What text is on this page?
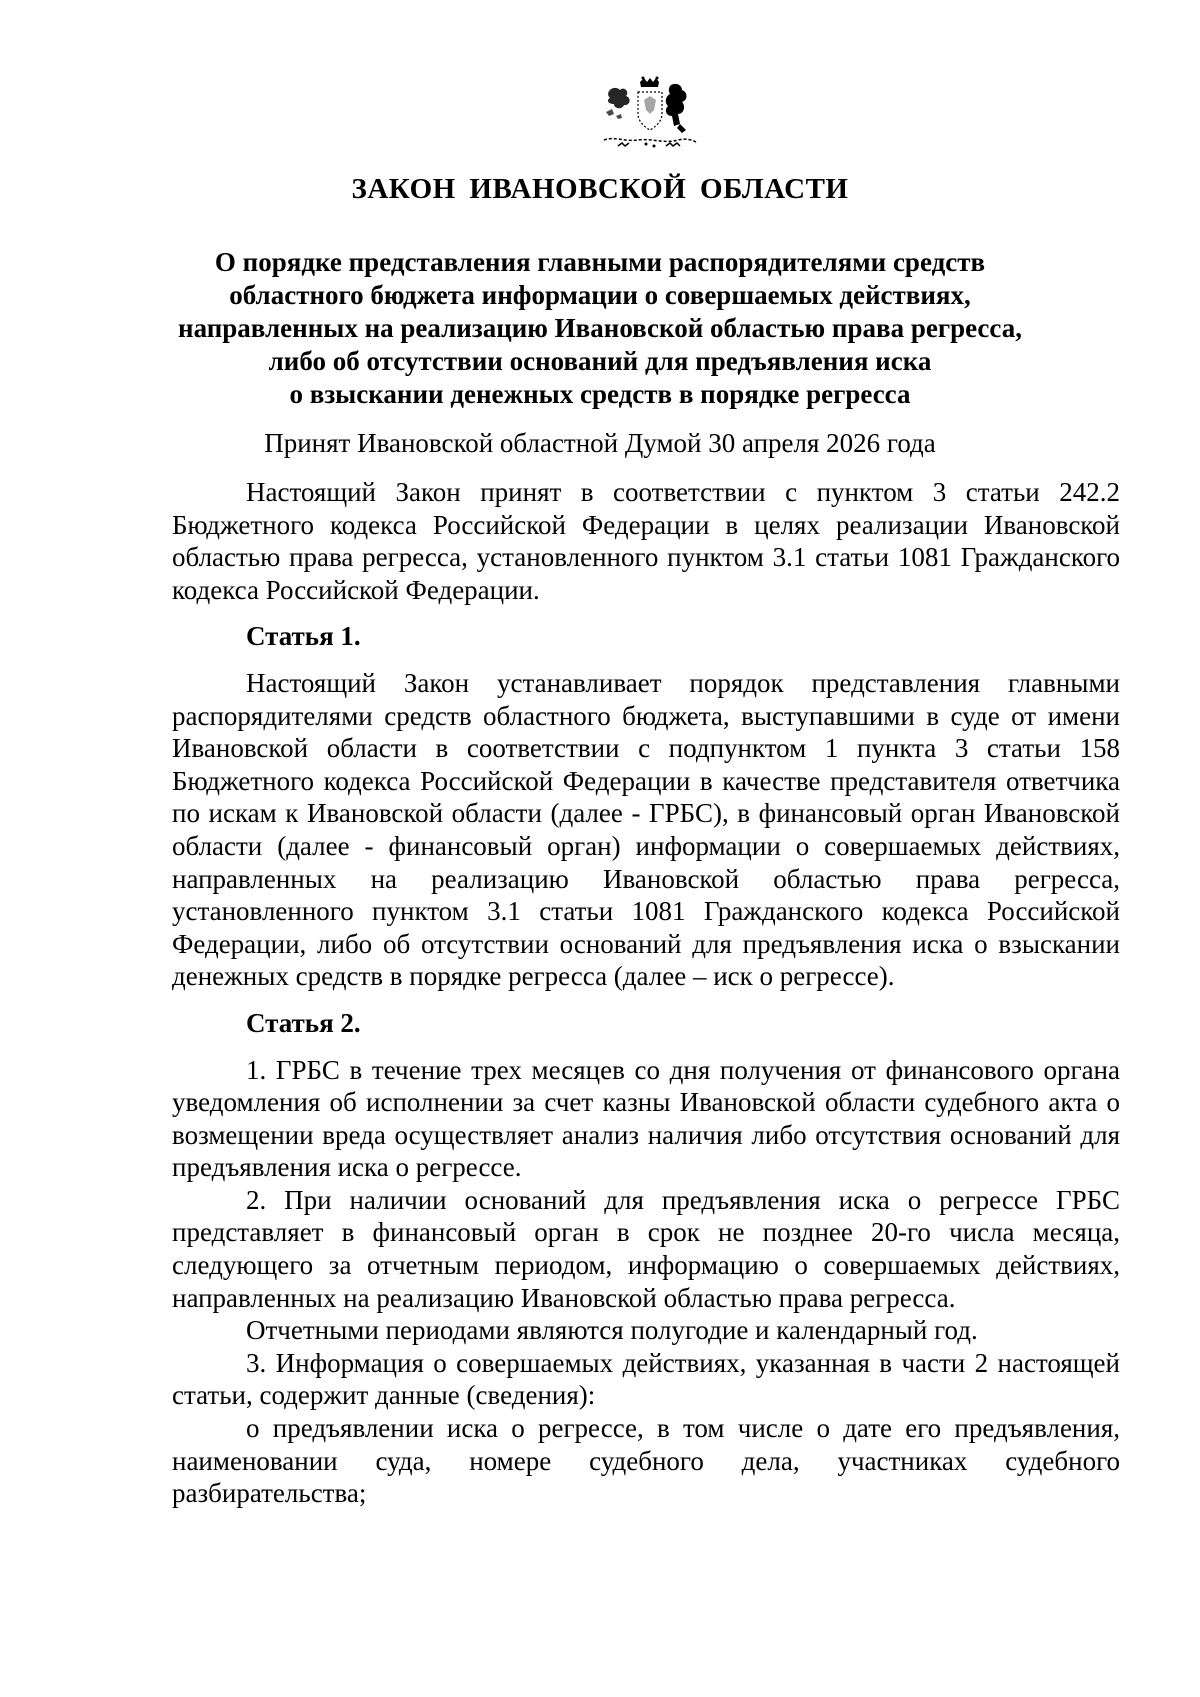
ЗАКОН ИВАНОВСКОЙ ОБЛАСТИ
О порядке представления главными распорядителями средств
областного бюджета информации о совершаемых действиях,
направленных на реализацию Ивановской областью права регресса,
либо об отсутствии оснований для предъявления иска
о взыскании денежных средств в порядке регресса

Принят Ивановской областной Думой 30 апреля 2026 года

Настоящий Закон принят в соответствии с пунктом 3 статьи 242.2 Бюджетного кодекса Российской Федерации в целях реализации Ивановской областью права регресса, установленного пунктом 3.1 статьи 1081 Гражданского кодекса Российской Федерации.

Статья 1.

Настоящий Закон устанавливает порядок представления главными распорядителями средств областного бюджета, выступавшими в суде от имени Ивановской области в соответствии с подпунктом 1 пункта 3 статьи 158 Бюджетного кодекса Российской Федерации в качестве представителя ответчика по искам к Ивановской области (далее - ГРБС), в финансовый орган Ивановской области (далее - финансовый орган) информации о совершаемых действиях, направленных на реализацию Ивановской областью права регресса, установленного пунктом 3.1 статьи 1081 Гражданского кодекса Российской Федерации, либо об отсутствии оснований для предъявления иска о взыскании денежных средств в порядке регресса (далее – иск о регрессе).

Статья 2.

1. ГРБС в течение трех месяцев со дня получения от финансового органа уведомления об исполнении за счет казны Ивановской области судебного акта о возмещении вреда осуществляет анализ наличия либо отсутствия оснований для предъявления иска о регрессе.

2. При наличии оснований для предъявления иска о регрессе ГРБС представляет в финансовый орган в срок не позднее 20-го числа месяца, следующего за отчетным периодом, информацию о совершаемых действиях, направленных на реализацию Ивановской областью права регресса.

Отчетными периодами являются полугодие и календарный год.

3. Информация о совершаемых действиях, указанная в части 2 настоящей статьи, содержит данные (сведения):

о предъявлении иска о регрессе, в том числе о дате его предъявления, наименовании суда, номере судебного дела, участниках судебного разбирательства;
